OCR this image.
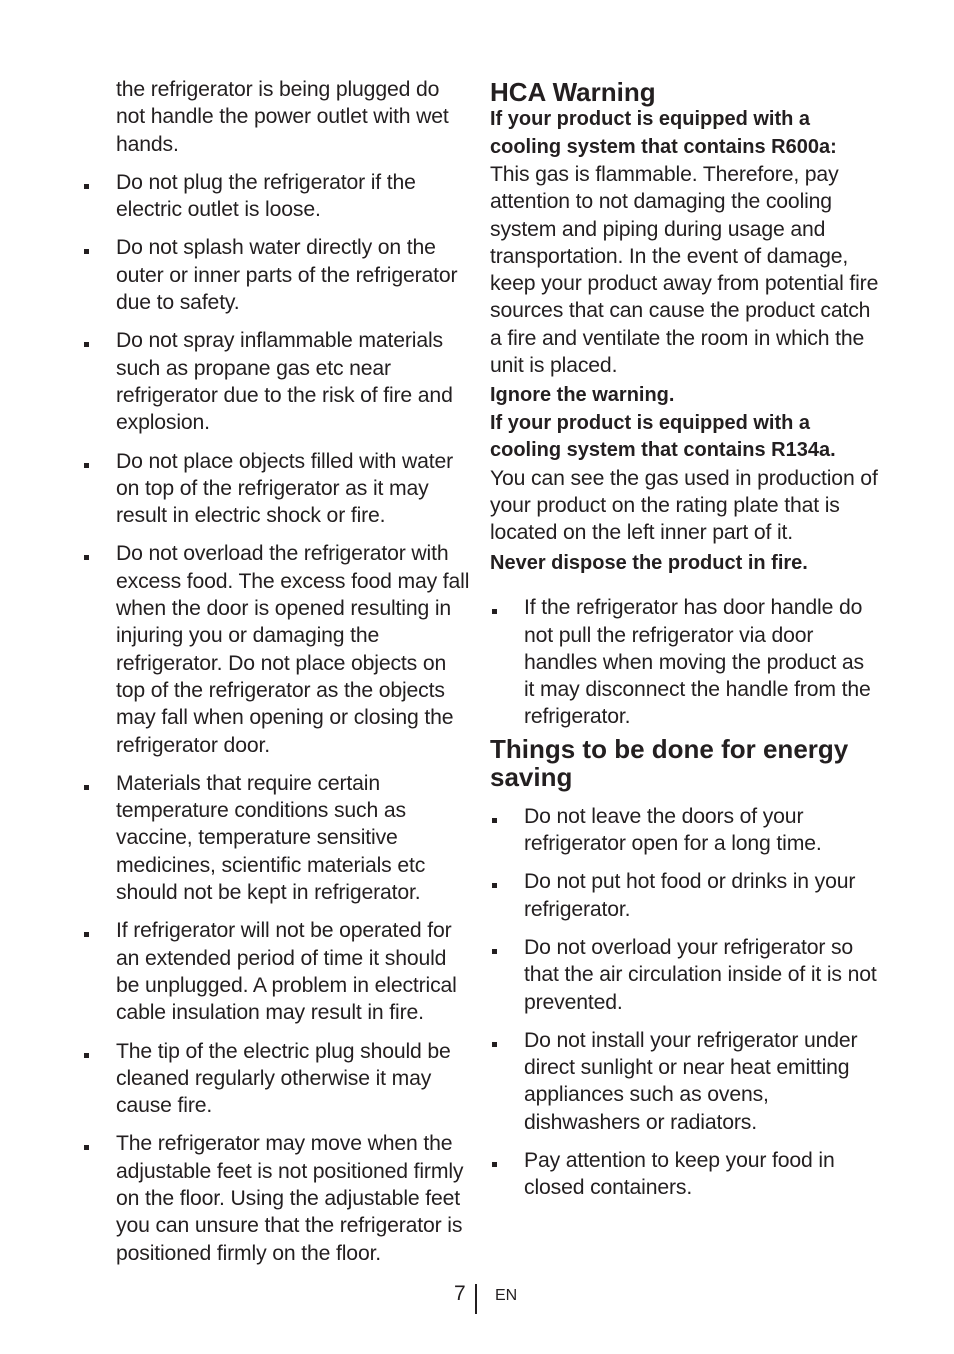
the refrigerator is being plugged do not handle the power outlet with wet hands.

Do not plug the refrigerator if the electric outlet is loose.
Do not splash water directly on the outer or inner parts of the refrigerator due to safety.
Do not spray inflammable materials such as propane gas etc near refrigerator due to the risk of fire and explosion.
Do not place objects filled with water on top of the refrigerator as it may result in electric shock or fire.
Do not overload the refrigerator with excess food. The excess food may fall when the door is opened resulting in injuring you or damaging the refrigerator. Do not place objects on top of the refrigerator as the objects may fall when opening or closing the refrigerator door.
Materials that require certain temperature conditions such as vaccine, temperature sensitive medicines, scientific materials etc should not be kept in refrigerator.
If refrigerator will not be operated for an extended period of time it should be unplugged. A problem in electrical cable insulation may result in fire.
The tip of the electric plug should be cleaned regularly otherwise it may cause fire.
The refrigerator may move when the adjustable feet is not positioned firmly on the floor. Using the adjustable feet you can unsure that the refrigerator is positioned firmly on the floor.
HCA Warning

If your product is equipped with a cooling system that contains R600a:

This gas is flammable. Therefore, pay attention to not damaging the cooling system and piping during usage and transportation. In the event of damage, keep your product away from potential fire sources that can cause the product catch a fire and ventilate the room in which the unit is placed.

Ignore the warning.

If your product is equipped with a cooling system that contains R134a.

You can see the gas used in production of your product on the rating plate that is located on the left inner part of it.

Never dispose the product in fire.

If the refrigerator has door handle do not pull the refrigerator via door handles when moving the product as it may disconnect the handle from the refrigerator.
Things to be done for energy saving
Do not leave the doors of your refrigerator open for a long time.
Do not put hot food or drinks in your refrigerator.
Do not overload your refrigerator so that the air circulation inside of it is not prevented.
Do not install your refrigerator under direct sunlight or near heat emitting appliances such as ovens, dishwashers or radiators.
Pay attention to keep your food in closed containers.
7 EN
